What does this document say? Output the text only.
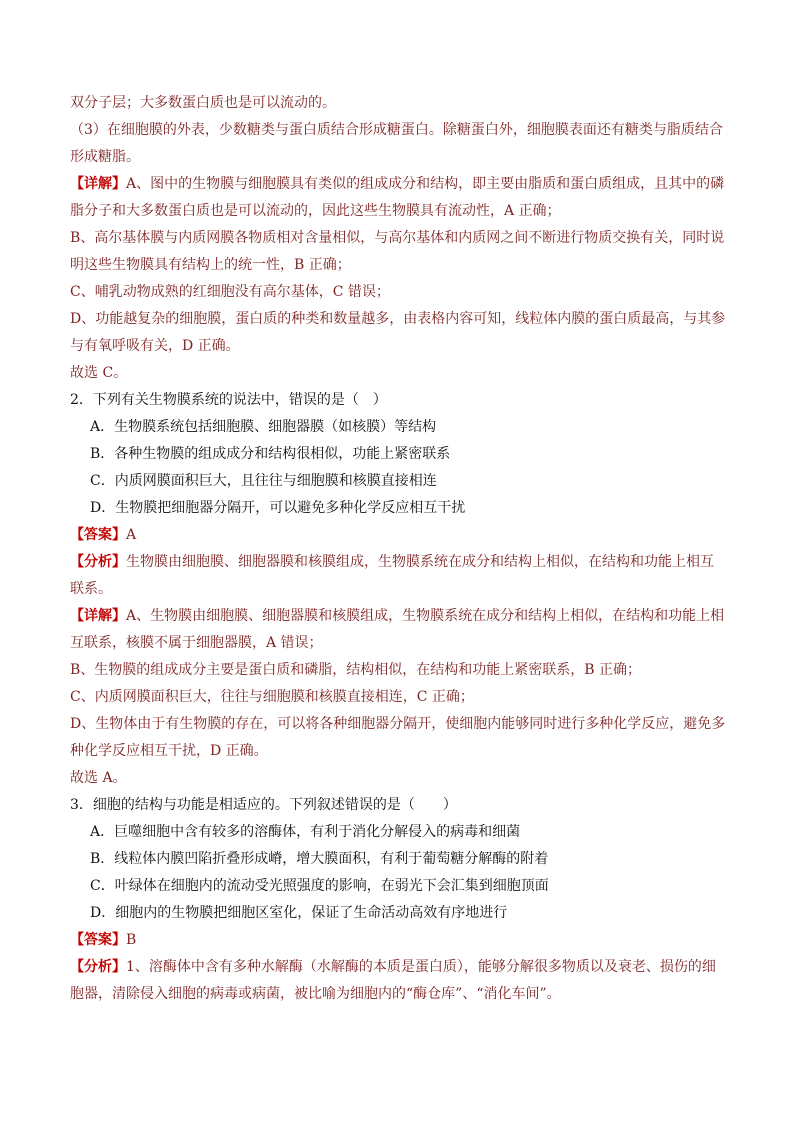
双分子层；大多数蛋白质也是可以流动的。

（3）在细胞膜的外表，少数糖类与蛋白质结合形成糖蛋白。除糖蛋白外，细胞膜表面还有糖类与脂质结合

形成糖脂。

【详解】A、图中的生物膜与细胞膜具有类似的组成成分和结构，即主要由脂质和蛋白质组成，且其中的磷

脂分子和大多数蛋白质也是可以流动的，因此这些生物膜具有流动性，A 正确；

B、高尔基体膜与内质网膜各物质相对含量相似，与高尔基体和内质网之间不断进行物质交换有关，同时说

明这些生物膜具有结构上的统一性，B 正确；

C、哺乳动物成熟的红细胞没有高尔基体，C 错误；

D、功能越复杂的细胞膜，蛋白质的种类和数量越多，由表格内容可知，线粒体内膜的蛋白质最高，与其参

与有氧呼吸有关，D 正确。

故选 C。

2．下列有关生物膜系统的说法中，错误的是（　）

A．生物膜系统包括细胞膜、细胞器膜（如核膜）等结构

B．各种生物膜的组成成分和结构很相似，功能上紧密联系

C．内质网膜面积巨大，且往往与细胞膜和核膜直接相连

D．生物膜把细胞器分隔开，可以避免多种化学反应相互干扰

【答案】A

【分析】生物膜由细胞膜、细胞器膜和核膜组成，生物膜系统在成分和结构上相似，在结构和功能上相互

联系。

【详解】A、生物膜由细胞膜、细胞器膜和核膜组成，生物膜系统在成分和结构上相似，在结构和功能上相

互联系，核膜不属于细胞器膜，A 错误；

B、生物膜的组成成分主要是蛋白质和磷脂，结构相似，在结构和功能上紧密联系，B 正确；

C、内质网膜面积巨大，往往与细胞膜和核膜直接相连，C 正确；

D、生物体由于有生物膜的存在，可以将各种细胞器分隔开，使细胞内能够同时进行多种化学反应，避免多

种化学反应相互干扰，D 正确。

故选 A。

3．细胞的结构与功能是相适应的。下列叙述错误的是（　　）

A．巨噬细胞中含有较多的溶酶体，有利于消化分解侵入的病毒和细菌

B．线粒体内膜凹陷折叠形成嵴，增大膜面积，有利于葡萄糖分解酶的附着

C．叶绿体在细胞内的流动受光照强度的影响，在弱光下会汇集到细胞顶面

D．细胞内的生物膜把细胞区室化，保证了生命活动高效有序地进行

【答案】B

【分析】1、溶酶体中含有多种水解酶（水解酶的本质是蛋白质），能够分解很多物质以及衰老、损伤的细

胞器，清除侵入细胞的病毒或病菌，被比喻为细胞内的“酶仓库”、“消化车间”。
